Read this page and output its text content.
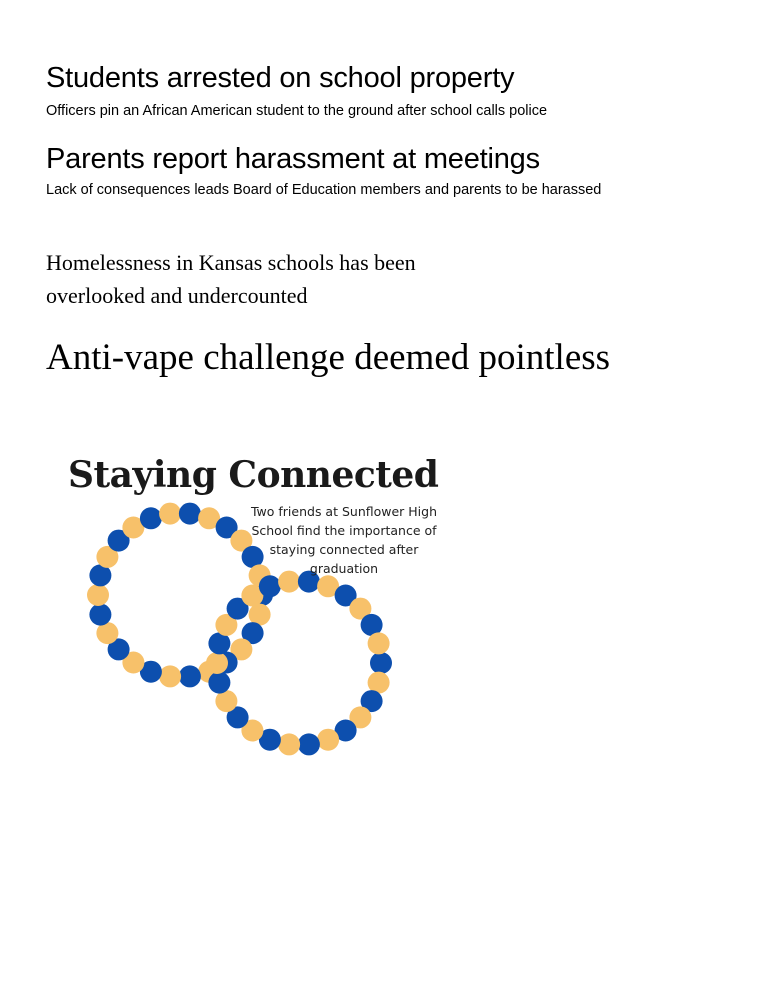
Students arrested on school property

Officers pin an African American student to the ground after school calls police

Parents report harassment at meetings

Lack of consequences leads Board of Education members and parents to be harassed

Homelessness in Kansas schools has been overlooked and undercounted

Anti-vape challenge deemed pointless
Staying Connected

Two friends at Sunflower High School find the importance of staying connected after graduation
